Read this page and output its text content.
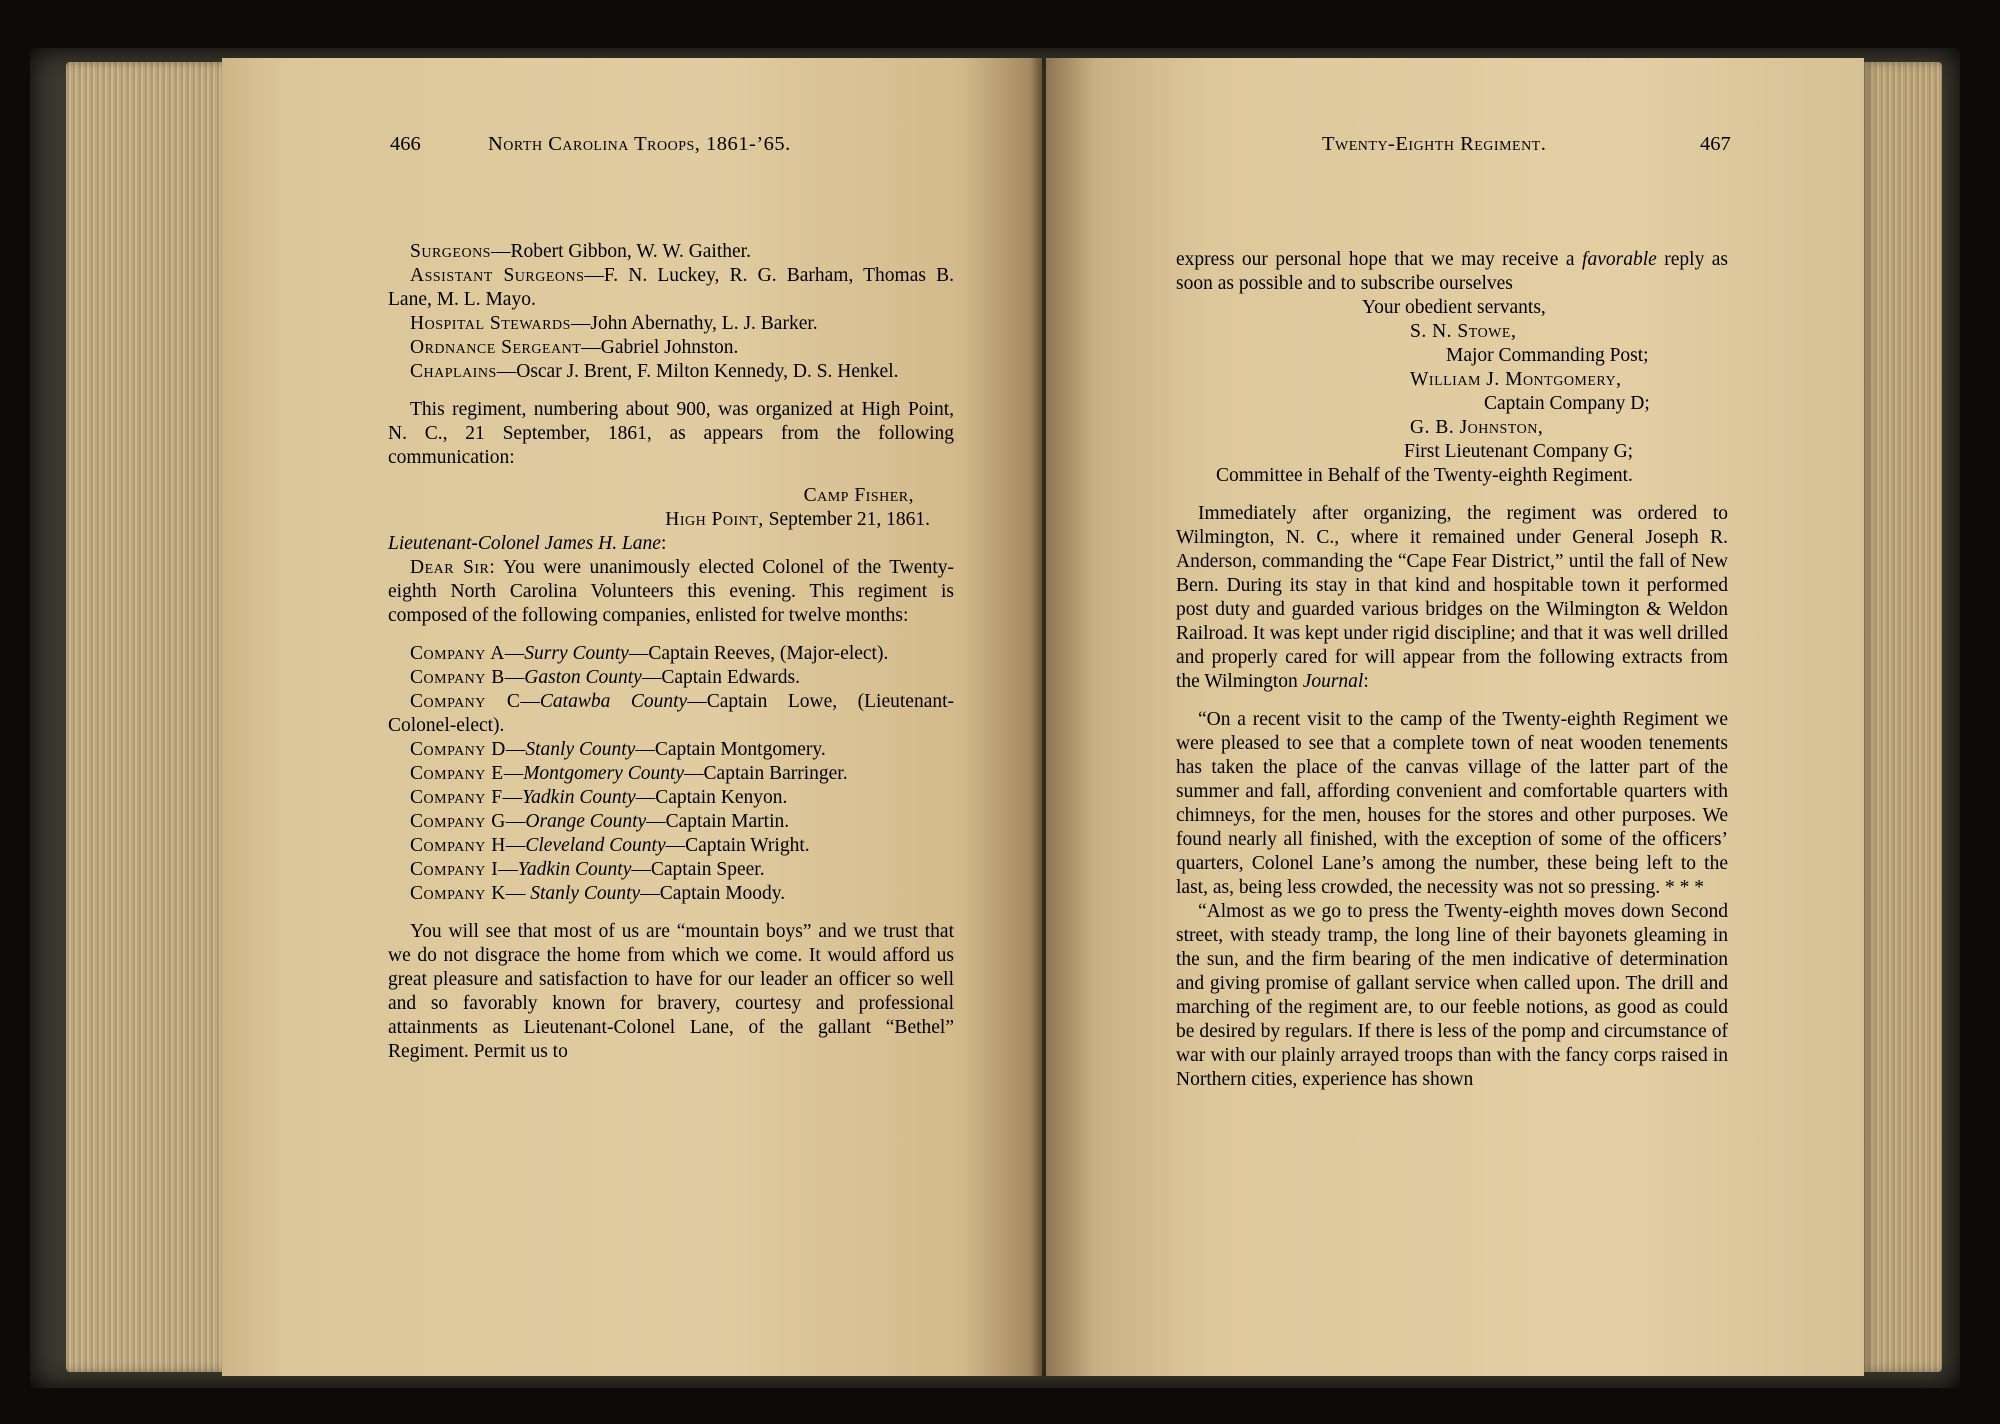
466	North Carolina Troops, 1861-’65.

Surgeons—Robert Gibbon, W. W. Gaither.

Assistant Surgeons—F. N. Luckey, R. G. Barham, Thomas B. Lane, M. L. Mayo.

Hospital Stewards—John Abernathy, L. J. Barker.

Ordnance Sergeant—Gabriel Johnston.

Chaplains—Oscar J. Brent, F. Milton Kennedy, D. S. Henkel.

This regiment, numbering about 900, was organized at High Point, N. C., 21 September, 1861, as appears from the following communication:

Camp Fisher,

High Point, September 21, 1861.

Lieutenant-Colonel James H. Lane:

Dear Sir: You were unanimously elected Colonel of the Twenty-eighth North Carolina Volunteers this evening. This regiment is composed of the following companies, enlisted for twelve months:

Company A—Surry County—Captain Reeves, (Major-elect).

Company B—Gaston County—Captain Edwards.

Company C—Catawba County—Captain Lowe, (Lieutenant-Colonel-elect).

Company D—Stanly County—Captain Montgomery.

Company E—Montgomery County—Captain Barringer.

Company F—Yadkin County—Captain Kenyon.

Company G—Orange County—Captain Martin.

Company H—Cleveland County—Captain Wright.

Company I—Yadkin County—Captain Speer.

Company K— Stanly County—Captain Moody.

You will see that most of us are “mountain boys” and we trust that we do not disgrace the home from which we come. It would afford us great pleasure and satisfaction to have for our leader an officer so well and so favorably known for bravery, courtesy and professional attainments as Lieutenant-Colonel Lane, of the gallant “Bethel” Regiment. Permit us to

Twenty-Eighth Regiment.	467

express our personal hope that we may receive a favorable reply as soon as possible and to subscribe ourselves

Your obedient servants,

S. N. Stowe,

Major Commanding Post;

William J. Montgomery,

Captain Company D;

G. B. Johnston,

First Lieutenant Company G;

Committee in Behalf of the Twenty-eighth Regiment.

Immediately after organizing, the regiment was ordered to Wilmington, N. C., where it remained under General Joseph R. Anderson, commanding the “Cape Fear District,” until the fall of New Bern. During its stay in that kind and hospitable town it performed post duty and guarded various bridges on the Wilmington & Weldon Railroad. It was kept under rigid discipline; and that it was well drilled and properly cared for will appear from the following extracts from the Wilmington Journal:

“On a recent visit to the camp of the Twenty-eighth Regiment we were pleased to see that a complete town of neat wooden tenements has taken the place of the canvas village of the latter part of the summer and fall, affording convenient and comfortable quarters with chimneys, for the men, houses for the stores and other purposes. We found nearly all finished, with the exception of some of the officers’ quarters, Colonel Lane’s among the number, these being left to the last, as, being less crowded, the necessity was not so pressing. * * *

“Almost as we go to press the Twenty-eighth moves down Second street, with steady tramp, the long line of their bayonets gleaming in the sun, and the firm bearing of the men indicative of determination and giving promise of gallant service when called upon. The drill and marching of the regiment are, to our feeble notions, as good as could be desired by regulars. If there is less of the pomp and circumstance of war with our plainly arrayed troops than with the fancy corps raised in Northern cities, experience has shown
